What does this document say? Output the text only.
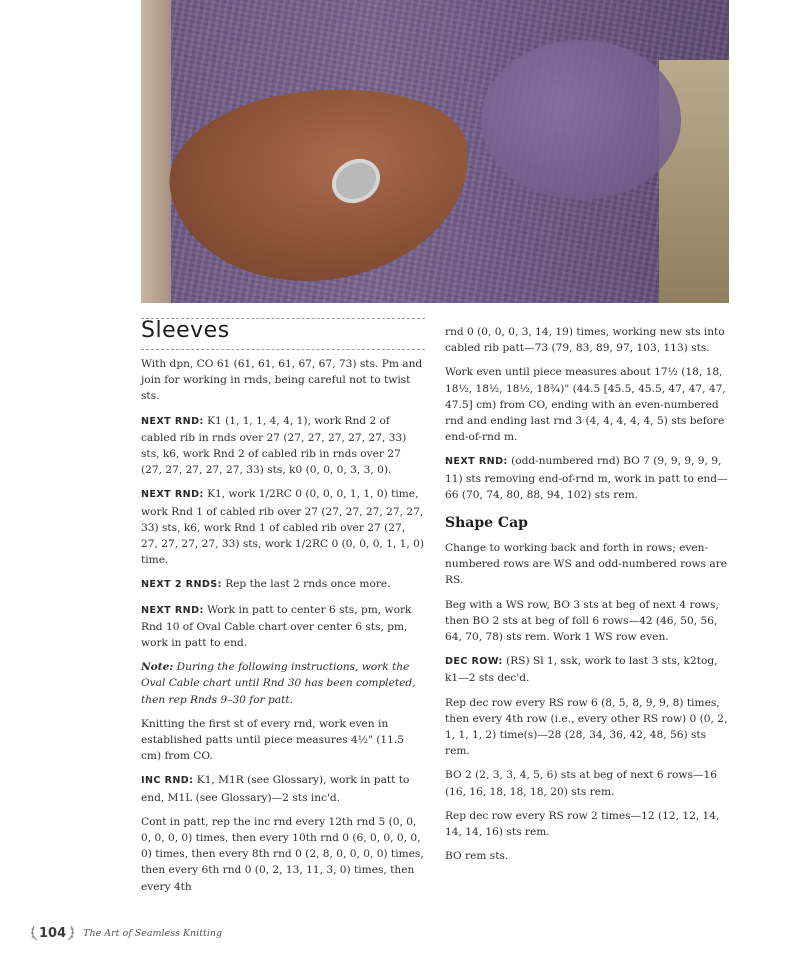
Sleeves

With dpn, CO 61 (61, 61, 61, 67, 67, 73) sts. Pm and join for working in rnds, being careful not to twist sts.

NEXT RND: K1 (1, 1, 1, 4, 4, 1), work Rnd 2 of cabled rib in rnds over 27 (27, 27, 27, 27, 27, 33) sts, k6, work Rnd 2 of cabled rib in rnds over 27 (27, 27, 27, 27, 27, 33) sts, k0 (0, 0, 0, 3, 3, 0).

NEXT RND: K1, work 1/2RC 0 (0, 0, 0, 1, 1, 0) time, work Rnd 1 of cabled rib over 27 (27, 27, 27, 27, 27, 33) sts, k6, work Rnd 1 of cabled rib over 27 (27, 27, 27, 27, 27, 33) sts, work 1/2RC 0 (0, 0, 0, 1, 1, 0) time.

NEXT 2 RNDS: Rep the last 2 rnds once more.

NEXT RND: Work in patt to center 6 sts, pm, work Rnd 10 of Oval Cable chart over center 6 sts, pm, work in patt to end.

Note: During the following instructions, work the Oval Cable chart until Rnd 30 has been completed, then rep Rnds 9–30 for patt.

Knitting the first st of every rnd, work even in established patts until piece measures 4½" (11.5 cm) from CO.

INC RND: K1, M1R (see Glossary), work in patt to end, M1L (see Glossary)—2 sts inc'd.

Cont in patt, rep the inc rnd every 12th rnd 5 (0, 0, 0, 0, 0, 0) times, then every 10th rnd 0 (6, 0, 0, 0, 0, 0) times, then every 8th rnd 0 (2, 8, 0, 0, 0, 0) times, then every 6th rnd 0 (0, 2, 13, 11, 3, 0) times, then every 4th

rnd 0 (0, 0, 0, 3, 14, 19) times, working new sts into cabled rib patt—73 (79, 83, 89, 97, 103, 113) sts.

Work even until piece measures about 17½ (18, 18, 18½, 18½, 18½, 18¾)" (44.5 [45.5, 45.5, 47, 47, 47, 47.5] cm) from CO, ending with an even-numbered rnd and ending last rnd 3 (4, 4, 4, 4, 4, 5) sts before end-of-rnd m.

NEXT RND: (odd-numbered rnd) BO 7 (9, 9, 9, 9, 9, 11) sts removing end-of-rnd m, work in patt to end—66 (70, 74, 80, 88, 94, 102) sts rem.

Shape Cap

Change to working back and forth in rows; even-numbered rows are WS and odd-numbered rows are RS.

Beg with a WS row, BO 3 sts at beg of next 4 rows, then BO 2 sts at beg of foll 6 rows—42 (46, 50, 56, 64, 70, 78) sts rem. Work 1 WS row even.

DEC ROW: (RS) Sl 1, ssk, work to last 3 sts, k2tog, k1—2 sts dec'd.

Rep dec row every RS row 6 (8, 5, 8, 9, 9, 8) times, then every 4th row (i.e., every other RS row) 0 (0, 2, 1, 1, 1, 2) time(s)—28 (28, 34, 36, 42, 48, 56) sts rem.

BO 2 (2, 3, 3, 4, 5, 6) sts at beg of next 6 rows—16 (16, 16, 18, 18, 18, 20) sts rem.

Rep dec row every RS row 2 times—12 (12, 12, 14, 14, 14, 16) sts rem.

BO rem sts.

104 The Art of Seamless Knitting
